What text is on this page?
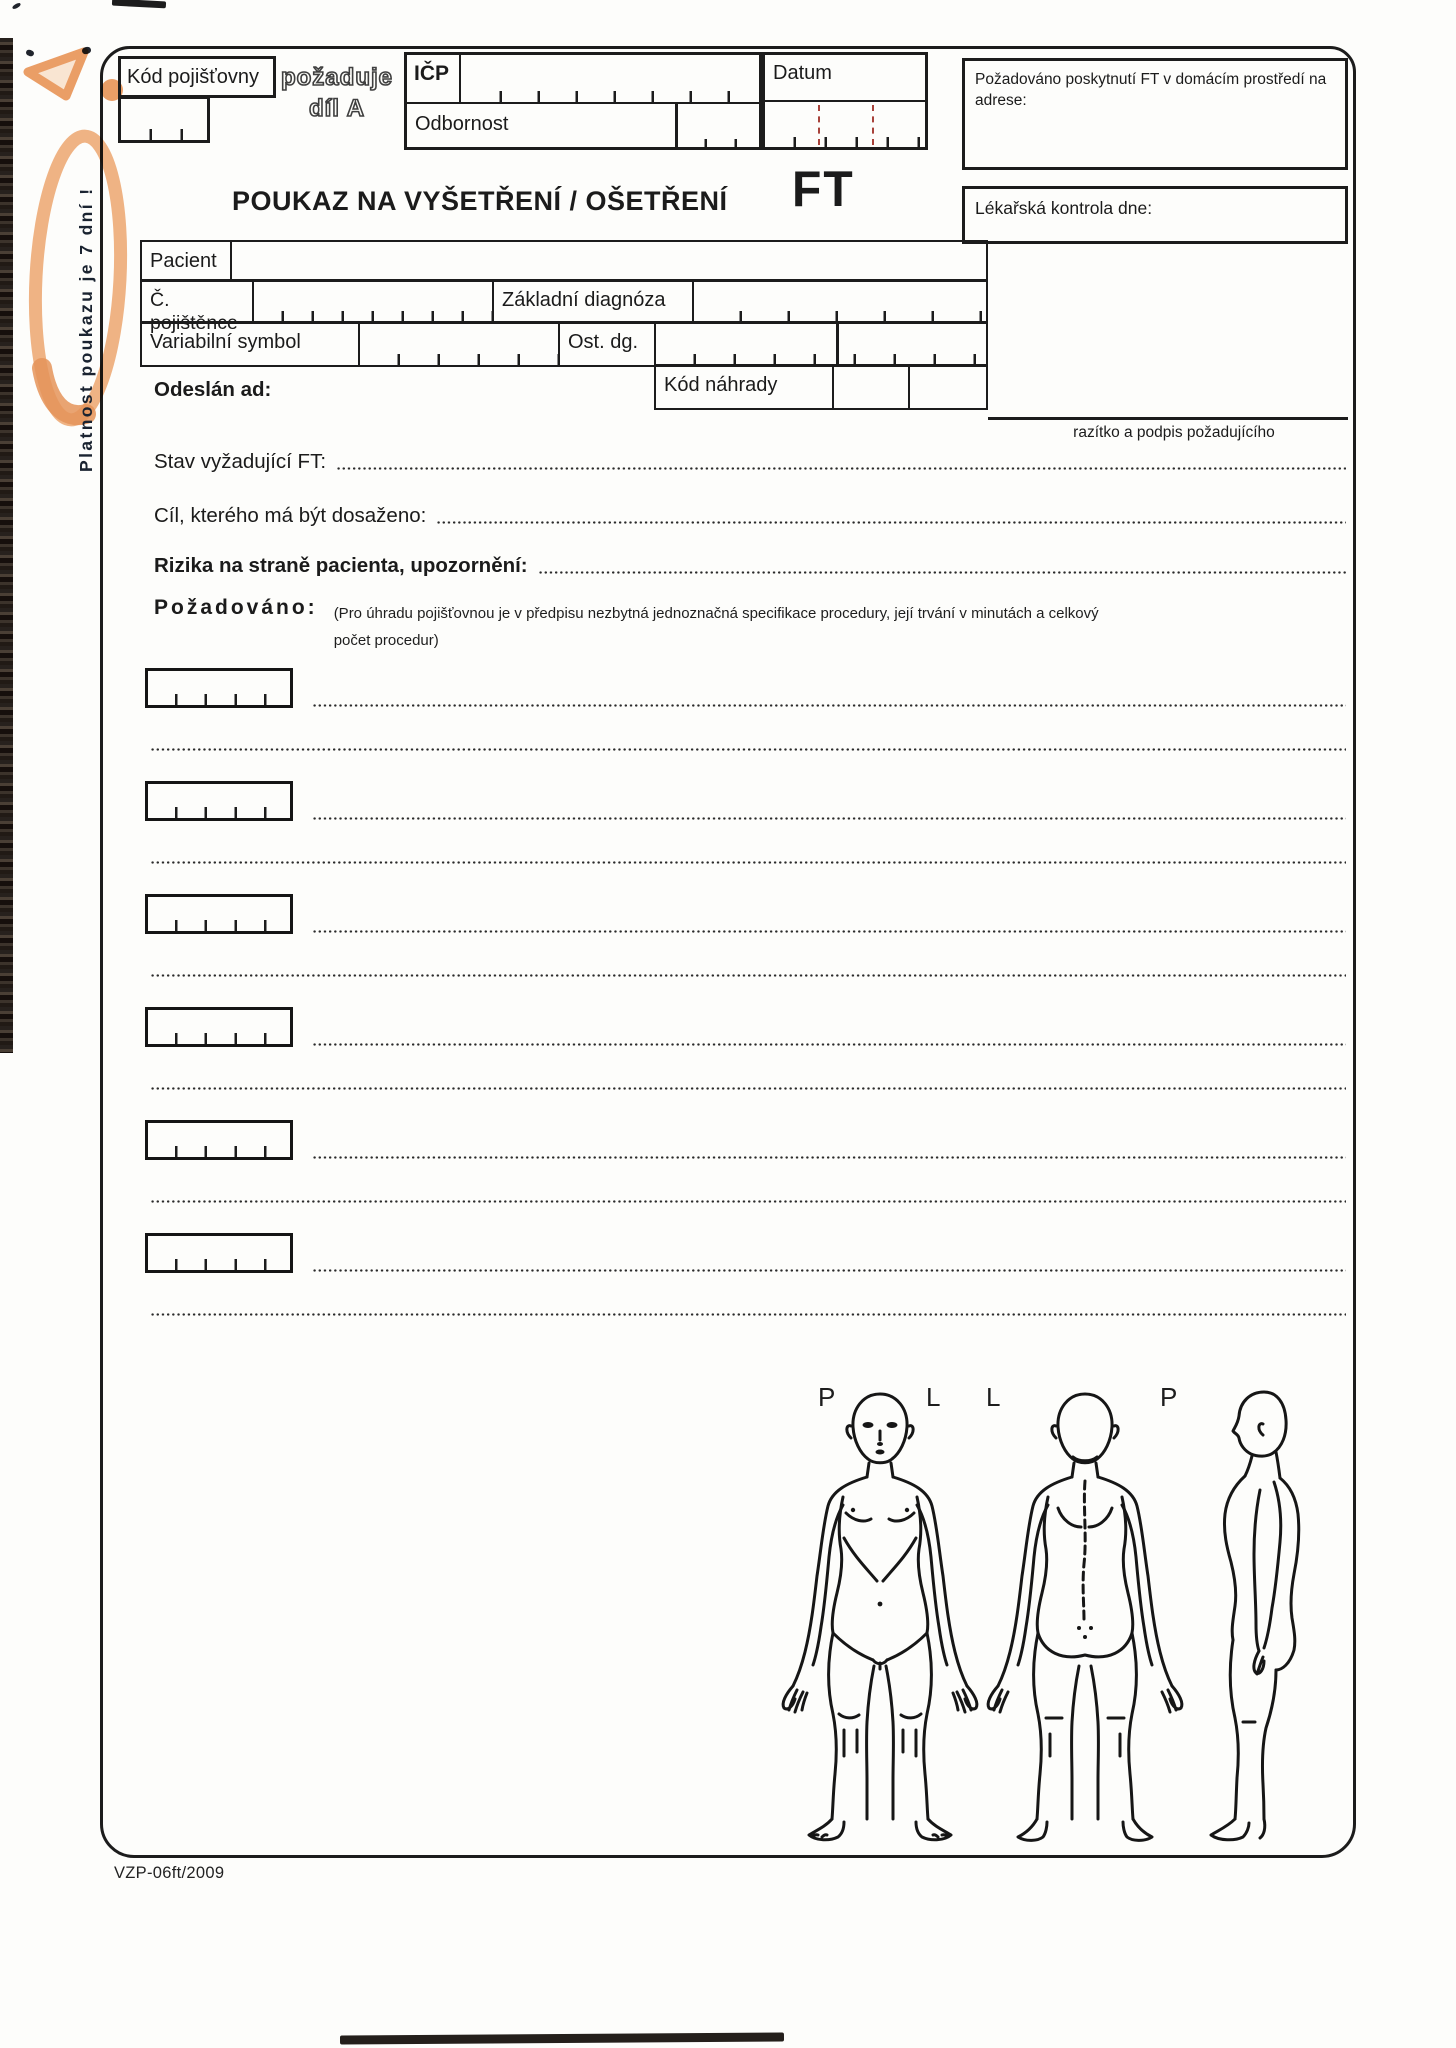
Platnost poukazu je 7 dní !
Kód pojišťovny požaduje
díl A
IČP
Odbornost
Datum	Požadováno poskytnutí FT v domácím prostředí na adrese:
Lékařská kontrola dne:
POUKAZ NA VYŠETŘENÍ / OŠETŘENÍ FT
Pacient
Č. pojištěnce
Základní diagnóza
Variabilní symbol	Ost. dg.
Kód náhrady
Odeslán ad:
razítko a podpis požadujícího
Stav vyžadující FT:
Cíl, kterého má být dosaženo:
Rizika na straně pacienta, upozornění:
Požadováno: (Pro úhradu pojišťovnou je v předpisu nezbytná jednoznačná specifikace procedury, její trvání v minutách a celkový
počet procedur)
P	L L	P
VZP-06ft/2009
